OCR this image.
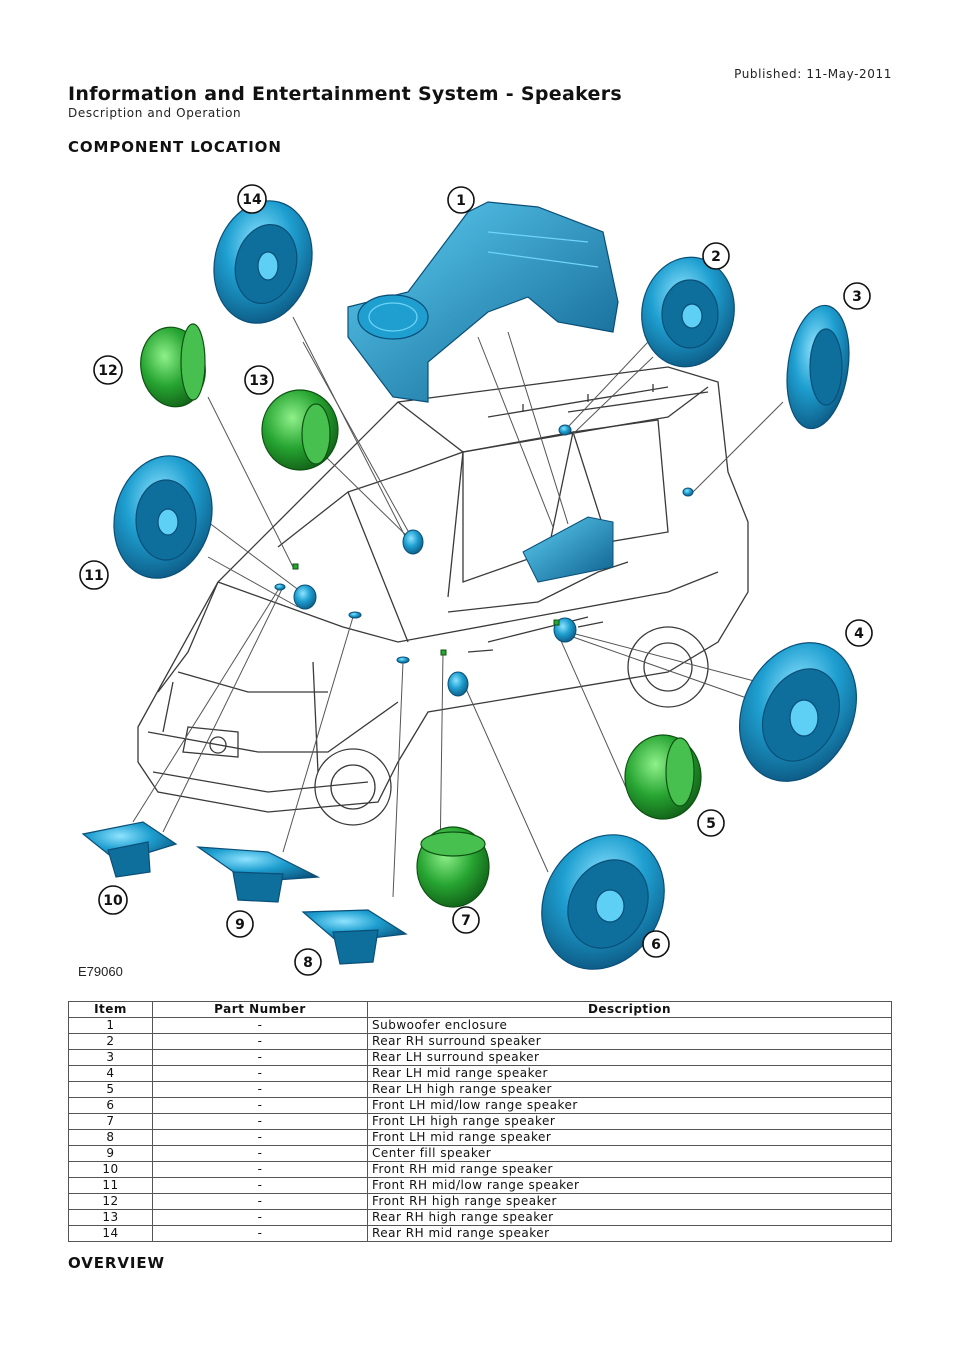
Published: 11-May-2011
Information and Entertainment System - Speakers
Description and Operation
COMPONENT LOCATION
1
2
3
4
5
6
7
8
9
10
11
12
13
14
E79060
Item	Part Number	Description
1	-	Subwoofer enclosure
2	-	Rear RH surround speaker
3	-	Rear LH surround speaker
4	-	Rear LH mid range speaker
5	-	Rear LH high range speaker
6	-	Front LH mid/low range speaker
7	-	Front LH high range speaker
8	-	Front LH mid range speaker
9	-	Center fill speaker
10	-	Front RH mid range speaker
11	-	Front RH mid/low range speaker
12	-	Front RH high range speaker
13	-	Rear RH high range speaker
14	-	Rear RH mid range speaker
OVERVIEW
